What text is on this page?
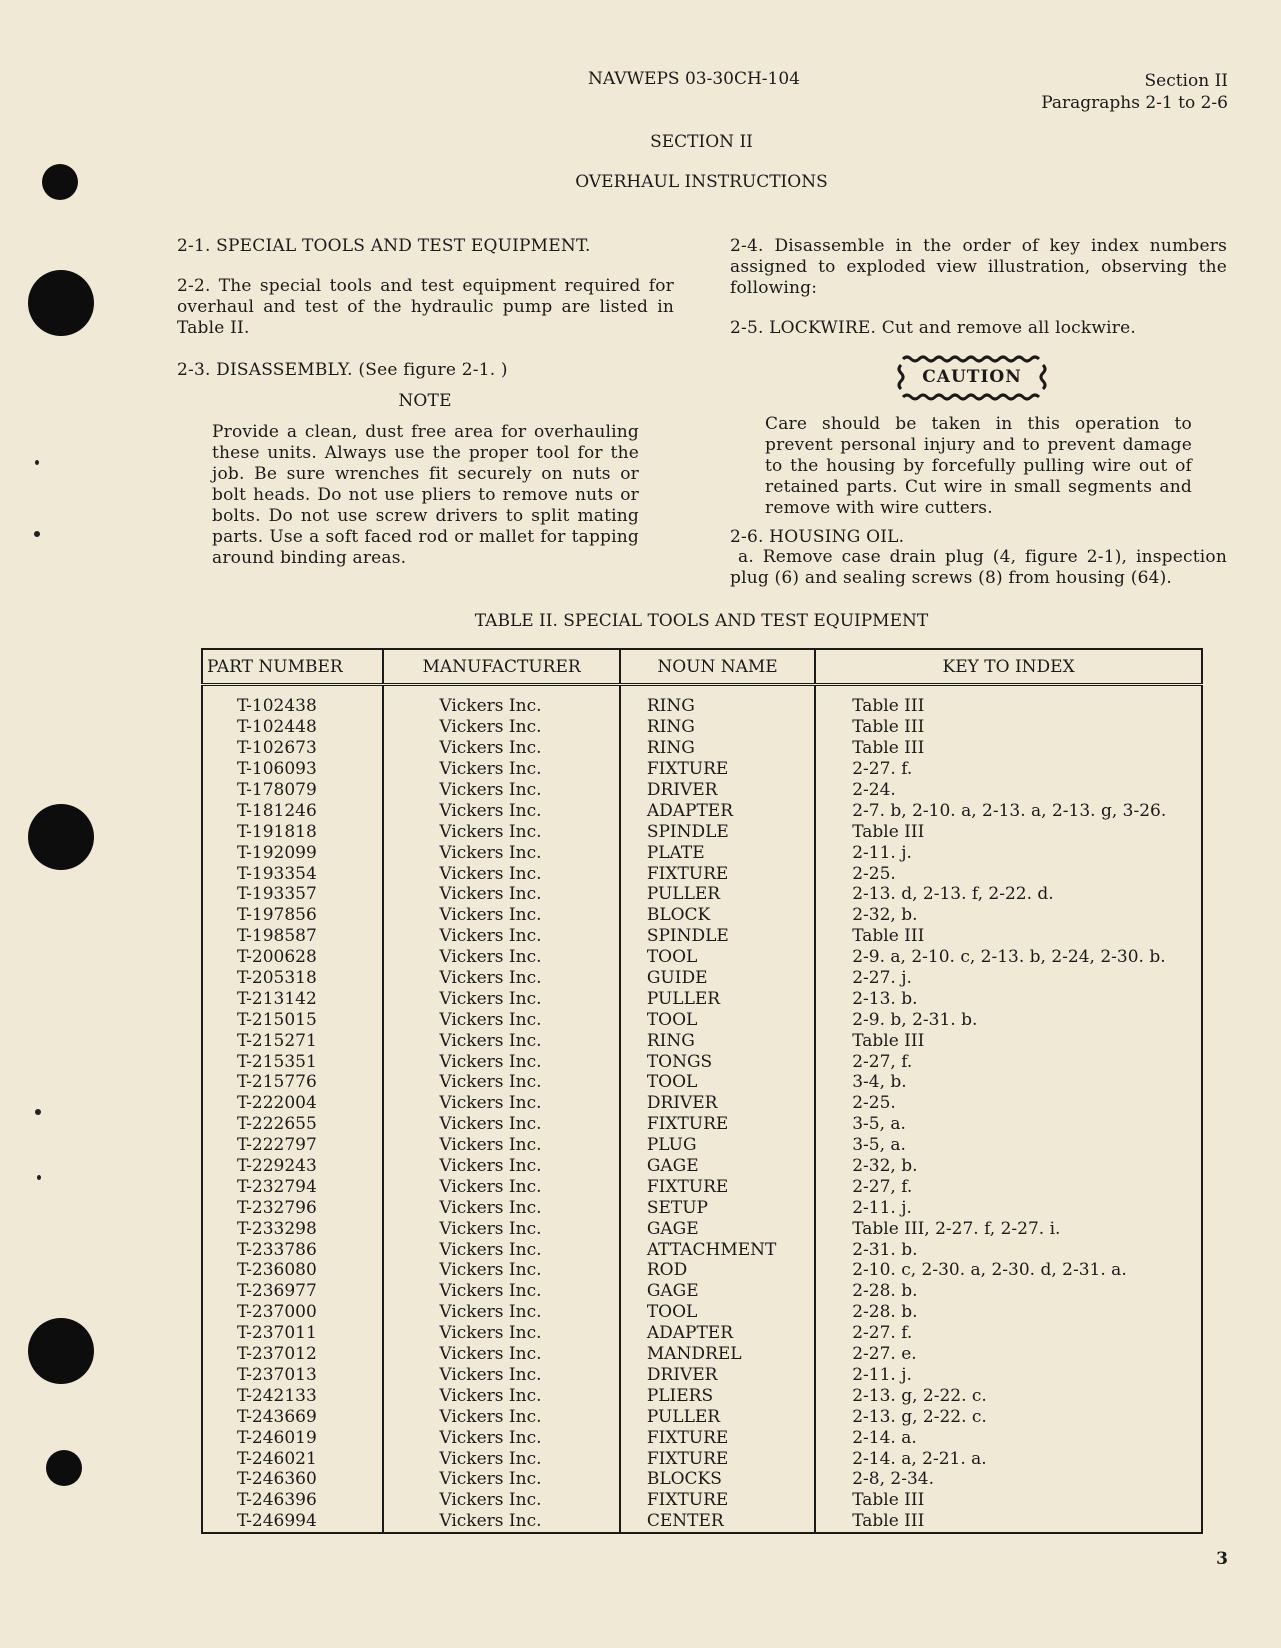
NAVWEPS 03-30CH-104	Section II
Paragraphs 2-1 to 2-6
SECTION II
OVERHAUL INSTRUCTIONS
2-1. SPECIAL TOOLS AND TEST EQUIPMENT.
2-2. The special tools and test equipment required for overhaul and test of the hydraulic pump are listed in Table II.
2-3. DISASSEMBLY. (See figure 2-1. )
NOTE
Provide a clean, dust free area for overhauling these units. Always use the proper tool for the job. Be sure wrenches fit securely on nuts or bolt heads. Do not use pliers to remove nuts or bolts. Do not use screw drivers to split mating parts. Use a soft faced rod or mallet for tapping around binding areas.
2-4. Disassemble in the order of key index numbers assigned to exploded view illustration, observing the following:
2-5. LOCKWIRE. Cut and remove all lockwire.
CAUTION
Care should be taken in this operation to prevent personal injury and to prevent damage to the housing by forcefully pulling wire out of retained parts. Cut wire in small segments and remove with wire cutters.
2-6. HOUSING OIL.
a. Remove case drain plug (4, figure 2-1), inspection plug (6) and sealing screws (8) from housing (64).
TABLE II. SPECIAL TOOLS AND TEST EQUIPMENT
PART NUMBER	MANUFACTURER	NOUN NAME	KEY TO INDEX

T-102438	Vickers Inc.	RING	Table III
T-102448	Vickers Inc.	RING	Table III
T-102673	Vickers Inc.	RING	Table III
T-106093	Vickers Inc.	FIXTURE	2-27. f.
T-178079	Vickers Inc.	DRIVER	2-24.
T-181246	Vickers Inc.	ADAPTER	2-7. b, 2-10. a, 2-13. a, 2-13. g, 3-26.
T-191818	Vickers Inc.	SPINDLE	Table III
T-192099	Vickers Inc.	PLATE	2-11. j.
T-193354	Vickers Inc.	FIXTURE	2-25.
T-193357	Vickers Inc.	PULLER	2-13. d, 2-13. f, 2-22. d.
T-197856	Vickers Inc.	BLOCK	2-32, b.
T-198587	Vickers Inc.	SPINDLE	Table III
T-200628	Vickers Inc.	TOOL	2-9. a, 2-10. c, 2-13. b, 2-24, 2-30. b.
T-205318	Vickers Inc.	GUIDE	2-27. j.
T-213142	Vickers Inc.	PULLER	2-13. b.
T-215015	Vickers Inc.	TOOL	2-9. b, 2-31. b.
T-215271	Vickers Inc.	RING	Table III
T-215351	Vickers Inc.	TONGS	2-27, f.
T-215776	Vickers Inc.	TOOL	3-4, b.
T-222004	Vickers Inc.	DRIVER	2-25.
T-222655	Vickers Inc.	FIXTURE	3-5, a.
T-222797	Vickers Inc.	PLUG	3-5, a.
T-229243	Vickers Inc.	GAGE	2-32, b.
T-232794	Vickers Inc.	FIXTURE	2-27, f.
T-232796	Vickers Inc.	SETUP	2-11. j.
T-233298	Vickers Inc.	GAGE	Table III, 2-27. f, 2-27. i.
T-233786	Vickers Inc.	ATTACHMENT	2-31. b.
T-236080	Vickers Inc.	ROD	2-10. c, 2-30. a, 2-30. d, 2-31. a.
T-236977	Vickers Inc.	GAGE	2-28. b.
T-237000	Vickers Inc.	TOOL	2-28. b.
T-237011	Vickers Inc.	ADAPTER	2-27. f.
T-237012	Vickers Inc.	MANDREL	2-27. e.
T-237013	Vickers Inc.	DRIVER	2-11. j.
T-242133	Vickers Inc.	PLIERS	2-13. g, 2-22. c.
T-243669	Vickers Inc.	PULLER	2-13. g, 2-22. c.
T-246019	Vickers Inc.	FIXTURE	2-14. a.
T-246021	Vickers Inc.	FIXTURE	2-14. a, 2-21. a.
T-246360	Vickers Inc.	BLOCKS	2-8, 2-34.
T-246396	Vickers Inc.	FIXTURE	Table III
T-246994	Vickers Inc.	CENTER	Table III
3
